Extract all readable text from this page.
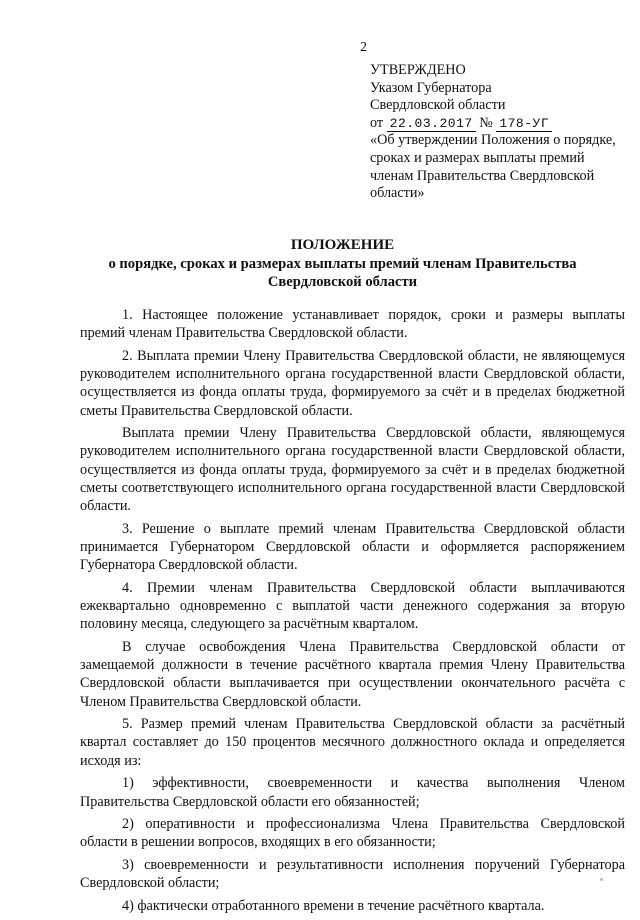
2
УТВЕРЖДЕНО
Указом Губернатора
Свердловской области
от 22.03.2017 № 178-УГ
«Об утверждении Положения о порядке, сроках и размерах выплаты премий членам Правительства Свердловской области»
ПОЛОЖЕНИЕ
о порядке, сроках и размерах выплаты премий членам Правительства Свердловской области

1. Настоящее положение устанавливает порядок, сроки и размеры выплаты премий членам Правительства Свердловской области.

2. Выплата премии Члену Правительства Свердловской области, не являющемуся руководителем исполнительного органа государственной власти Свердловской области, осуществляется из фонда оплаты труда, формируемого за счёт и в пределах бюджетной сметы Правительства Свердловской области.

Выплата премии Члену Правительства Свердловской области, являющемуся руководителем исполнительного органа государственной власти Свердловской области, осуществляется из фонда оплаты труда, формируемого за счёт и в пределах бюджетной сметы соответствующего исполнительного органа государственной власти Свердловской области.

3. Решение о выплате премий членам Правительства Свердловской области принимается Губернатором Свердловской области и оформляется распоряжением Губернатора Свердловской области.

4. Премии членам Правительства Свердловской области выплачиваются ежеквартально одновременно с выплатой части денежного содержания за вторую половину месяца, следующего за расчётным кварталом.

В случае освобождения Члена Правительства Свердловской области от замещаемой должности в течение расчётного квартала премия Члену Правительства Свердловской области выплачивается при осуществлении окончательного расчёта с Членом Правительства Свердловской области.

5. Размер премий членам Правительства Свердловской области за расчётный квартал составляет до 150 процентов месячного должностного оклада и определяется исходя из:

1) эффективности, своевременности и качества выполнения Членом Правительства Свердловской области его обязанностей;

2) оперативности и профессионализма Члена Правительства Свердловской области в решении вопросов, входящих в его обязанности;

3) своевременности и результативности исполнения поручений Губернатора Свердловской области;

4) фактически отработанного времени в течение расчётного квартала.
